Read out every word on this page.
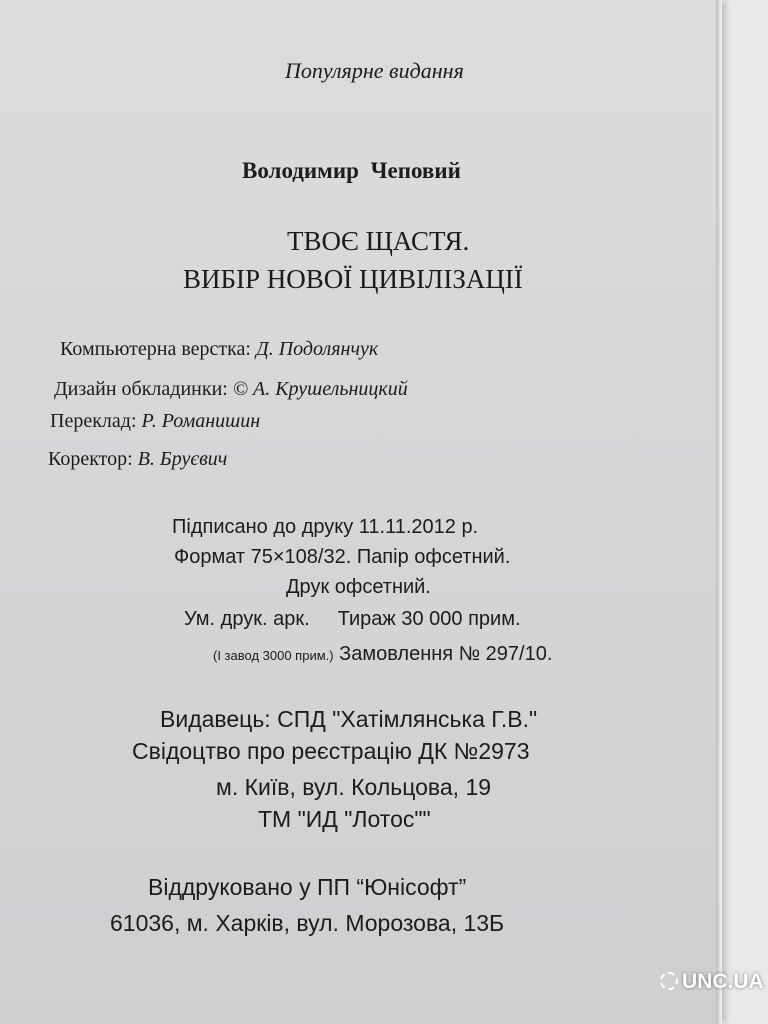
Популярне видання
Володимир Чеповий
ТВОЄ ЩАСТЯ.
ВИБІР НОВОЇ ЦИВІЛІЗАЦІЇ
Компьютерна верстка: Д. Подолянчук
Дизайн обкладинки: © А. Крушельницкий
Переклад: Р. Романишин
Коректор: В. Бруєвич
Підписано до друку 11.11.2012 р.
Формат 75×108/32. Папір офсетний.
Друк офсетний.
Ум. друк. арк. Тираж 30 000 прим.
(І завод 3000 прим.) Замовлення № 297/10.
Видавець: СПД "Хатімлянська Г.В."
Свідоцтво про реєстрацію ДК №2973
м. Київ, вул. Кольцова, 19
ТМ "ИД "Лотос""
Віддруковано у ПП “Юнісофт”
61036, м. Харків, вул. Морозова, 13Б
UNC.UA
